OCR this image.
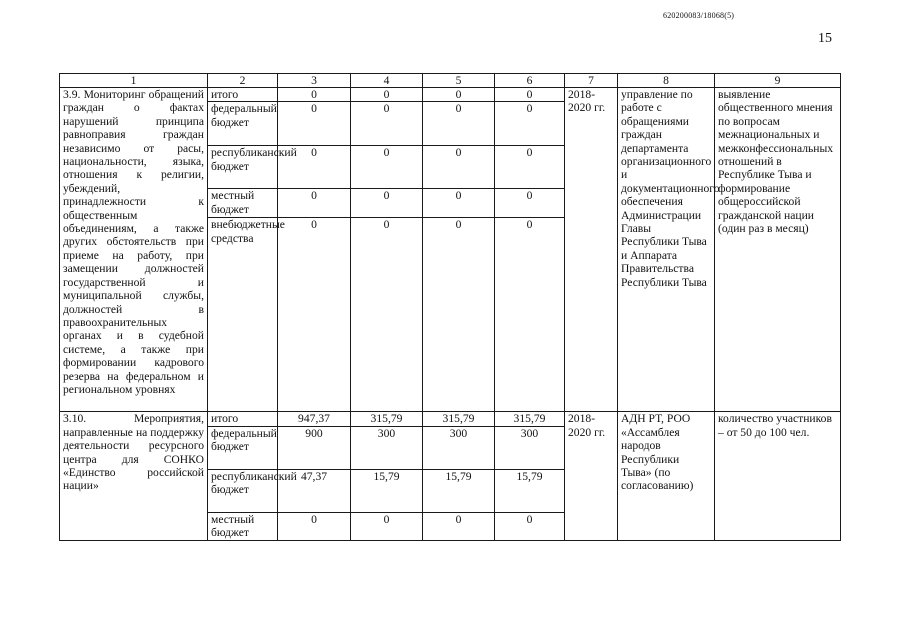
620200083/18068(5)
15
1	2	3	4	5	6	7	8	9
3.9. Мониторинг обращений граждан о фактах нарушений принципа равноправия граждан независимо от расы, национальности, языка, отношения к религии, убеждений, принадлежности к общественным объединениям, а также других обстоятельств при приеме на работу, при замещении должностей государственной и муниципальной службы, должностей в правоохранительных органах и в судебной системе, а также при формировании кадрового резерва на федеральном и региональном уровнях	итого	0	0	0	0	2018-2020 гг.	управление по работе с обращениями граждан департамента организационного и документационного обеспечения Администрации Главы Республики Тыва и Аппарата Правительства Республики Тыва	выявление общественного мнения по вопросам межнациональных и межконфессиональных отношений в Республике Тыва и формирование общероссийской гражданской нации (один раз в месяц)
	федеральный бюджет	0	0	0	0			
	республиканский бюджет	0	0	0	0			
	местный бюджет	0	0	0	0			
	внебюджетные средства	0	0	0	0			
3.10. Мероприятия, направленные на поддержку деятельности ресурсного центра для СОНКО «Единство российской нации»	итого	947,37	315,79	315,79	315,79	2018-2020 гг.	АДН РТ, РОО «Ассамблея народов Республики Тыва» (по согласованию)	количество участников – от 50 до 100 чел.
	федеральный бюджет	900	300	300	300			
	республиканский бюджет	47,37	15,79	15,79	15,79			
	местный бюджет	0	0	0	0			
